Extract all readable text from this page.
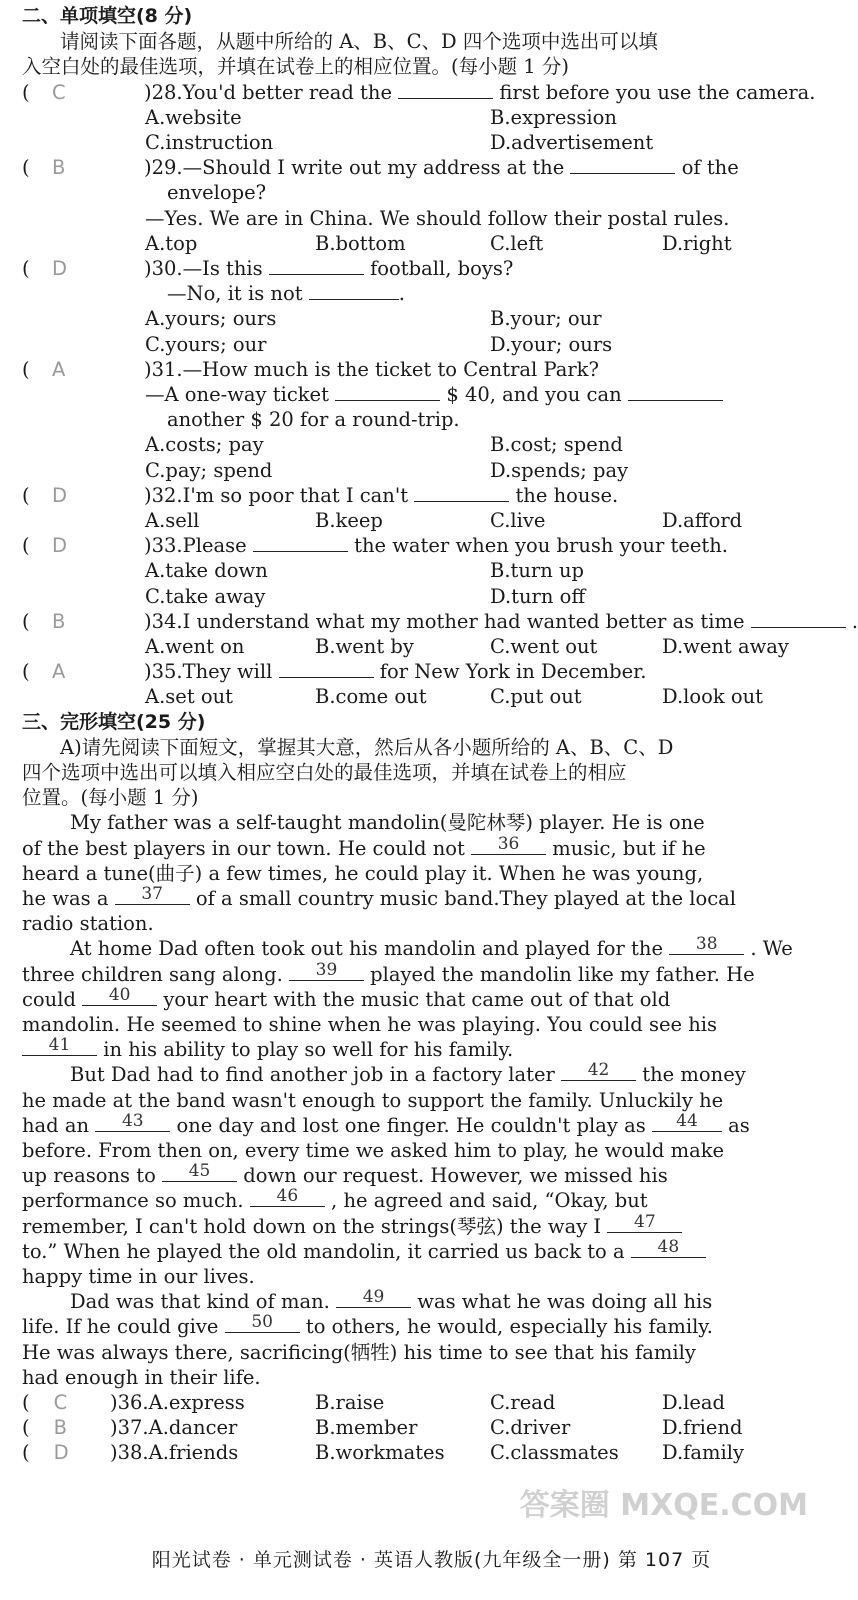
二、单项填空(8 分)
请阅读下面各题，从题中所给的 A、B、C、D 四个选项中选出可以填
入空白处的最佳选项，并填在试卷上的相应位置。(每小题 1 分)
( C	)28.You'd better read the	first before you use the camera.
A.website	B.expression
C.instruction	D.advertisement
( B	)29.—Should I write out my address at the	of the
envelope?
—Yes. We are in China. We should follow their postal rules.
A.top	B.bottom	C.left	D.right
( D	)30.—Is this	football, boys?
—No, it is not	.
A.yours; ours	B.your; our
C.yours; our	D.your; ours
( A	)31.—How much is the ticket to Central Park?
—A one-way ticket	$ 40, and you can
another $ 20 for a round-trip.
A.costs; pay	B.cost; spend
C.pay; spend	D.spends; pay
( D	)32.I'm so poor that I can't	the house.
A.sell	B.keep	C.live	D.afford
( D	)33.Please	the water when you brush your teeth.
A.take down	B.turn up
C.take away	D.turn off
( B	)34.I understand what my mother had wanted better as time	.
A.went on	B.went by	C.went out	D.went away
( A	)35.They will	for New York in December.
A.set out	B.come out	C.put out	D.look out
三、完形填空(25 分)
A)请先阅读下面短文，掌握其大意，然后从各小题所给的 A、B、C、D
四个选项中选出可以填入相应空白处的最佳选项，并填在试卷上的相应
位置。(每小题 1 分)
My father was a self-taught mandolin(曼陀林琴) player. He is one
of the best players in our town. He could not 36 music, but if he
heard a tune(曲子) a few times, he could play it. When he was young,
he was a 37 of a small country music band.They played at the local
radio station.
At home Dad often took out his mandolin and played for the 38 . We
three children sang along. 39 played the mandolin like my father. He
could 40 your heart with the music that came out of that old
mandolin. He seemed to shine when he was playing. You could see his
41 in his ability to play so well for his family.
But Dad had to find another job in a factory later 42 the money
he made at the band wasn't enough to support the family. Unluckily he
had an 43 one day and lost one finger. He couldn't play as 44 as
before. From then on, every time we asked him to play, he would make
up reasons to 45 down our request. However, we missed his
performance so much. 46 , he agreed and said, “Okay, but
remember, I can't hold down on the strings(琴弦) the way I 47
to.” When he played the old mandolin, it carried us back to a 48
happy time in our lives.
Dad was that kind of man. 49 was what he was doing all his
life. If he could give 50 to others, he would, especially his family.
He was always there, sacrificing(牺牲) his time to see that his family
had enough in their life.
( C )36.A.express	B.raise	C.read	D.lead
( B )37.A.dancer	B.member	C.driver	D.friend
( D )38.A.friends	B.workmates C.classmates D.family
阳光试卷 · 单元测试卷 · 英语人教版(九年级全一册) 第 107 页
答案圈 MXQE.COM
